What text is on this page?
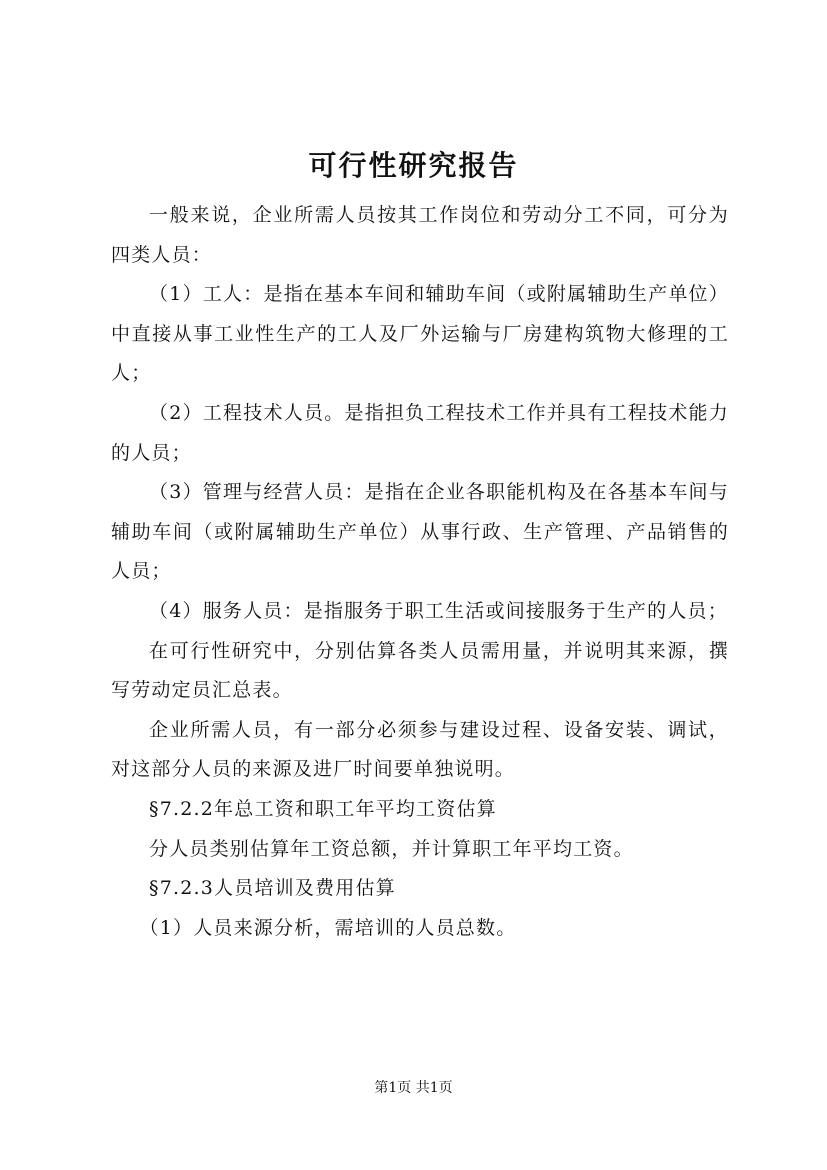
可行性研究报告

一般来说，企业所需人员按其工作岗位和劳动分工不同，可分为四类人员：

（1）工人：是指在基本车间和辅助车间（或附属辅助生产单位）中直接从事工业性生产的工人及厂外运输与厂房建构筑物大修理的工人；

（2）工程技术人员。是指担负工程技术工作并具有工程技术能力的人员；

（3）管理与经营人员：是指在企业各职能机构及在各基本车间与辅助车间（或附属辅助生产单位）从事行政、生产管理、产品销售的人员；

（4）服务人员：是指服务于职工生活或间接服务于生产的人员；

在可行性研究中，分别估算各类人员需用量，并说明其来源，撰写劳动定员汇总表。

企业所需人员，有一部分必须参与建设过程、设备安装、调试，对这部分人员的来源及进厂时间要单独说明。

§7.2.2年总工资和职工年平均工资估算

分人员类别估算年工资总额，并计算职工年平均工资。

§7.2.3人员培训及费用估算

（1）人员来源分析，需培训的人员总数。

第1页 共1页
